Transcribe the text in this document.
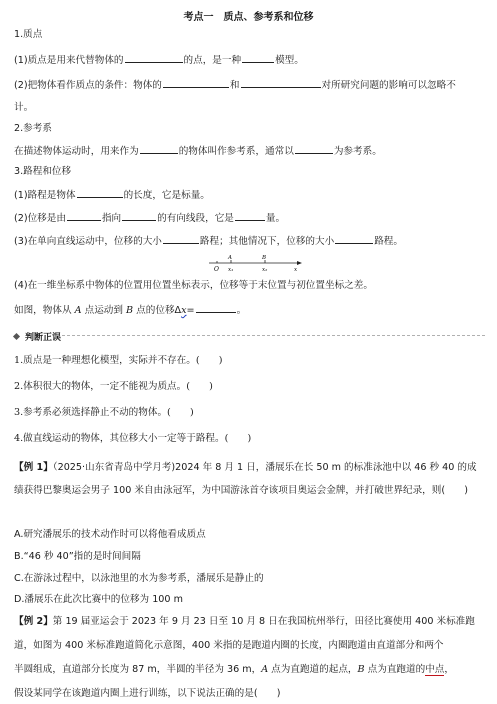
考点一　质点、参考系和位移
1.质点
(1)质点是用来代替物体的	的点，是一种	模型。
(2)把物体看作质点的条件：物体的	和	对所研究问题的影响可以忽略不
计。
2.参考系
在描述物体运动时，用来作为	的物体叫作参考系，通常以	为参考系。
3.路程和位移
(1)路程是物体	的长度，它是标量。
(2)位移是由	指向	的有向线段，它是	量。
(3)在单向直线运动中，位移的大小	路程；其他情况下，位移的大小	路程。
A	B
O x₁	x₂	x
(4)在一维坐标系中物体的位置用位置坐标表示，位移等于末位置与初位置坐标之差。
如图，物体从 A 点运动到 B 点的位移Δx=	。
判断正误
1.质点是一种理想化模型，实际并不存在。(　　)
2.体积很大的物体，一定不能视为质点。(　　)
3.参考系必须选择静止不动的物体。(　　)
4.做直线运动的物体，其位移大小一定等于路程。(　　)
【例 1】（2025·山东省青岛中学月考)2024 年 8 月 1 日，潘展乐在长 50 m 的标准泳池中以 46 秒 40 的成
绩获得巴黎奥运会男子 100 米自由泳冠军，为中国游泳首夺该项目奥运会金牌，并打破世界纪录，则(　　)
A.研究潘展乐的技术动作时可以将他看成质点
B.“46 秒 40”指的是时间间隔
C.在游泳过程中，以泳池里的水为参考系，潘展乐是静止的
D.潘展乐在此次比赛中的位移为 100 m
【例 2】第 19 届亚运会于 2023 年 9 月 23 日至 10 月 8 日在我国杭州举行，田径比赛使用 400 米标准跑
道，如图为 400 米标准跑道简化示意图，400 米指的是跑道内圈的长度，内圈跑道由直道部分和两个
半圆组成，直道部分长度为 87 m，半圆的半径为 36 m，A 点为直跑道的起点，B 点为直跑道的中点，
假设某同学在该跑道内圈上进行训练，以下说法正确的是(　　)
